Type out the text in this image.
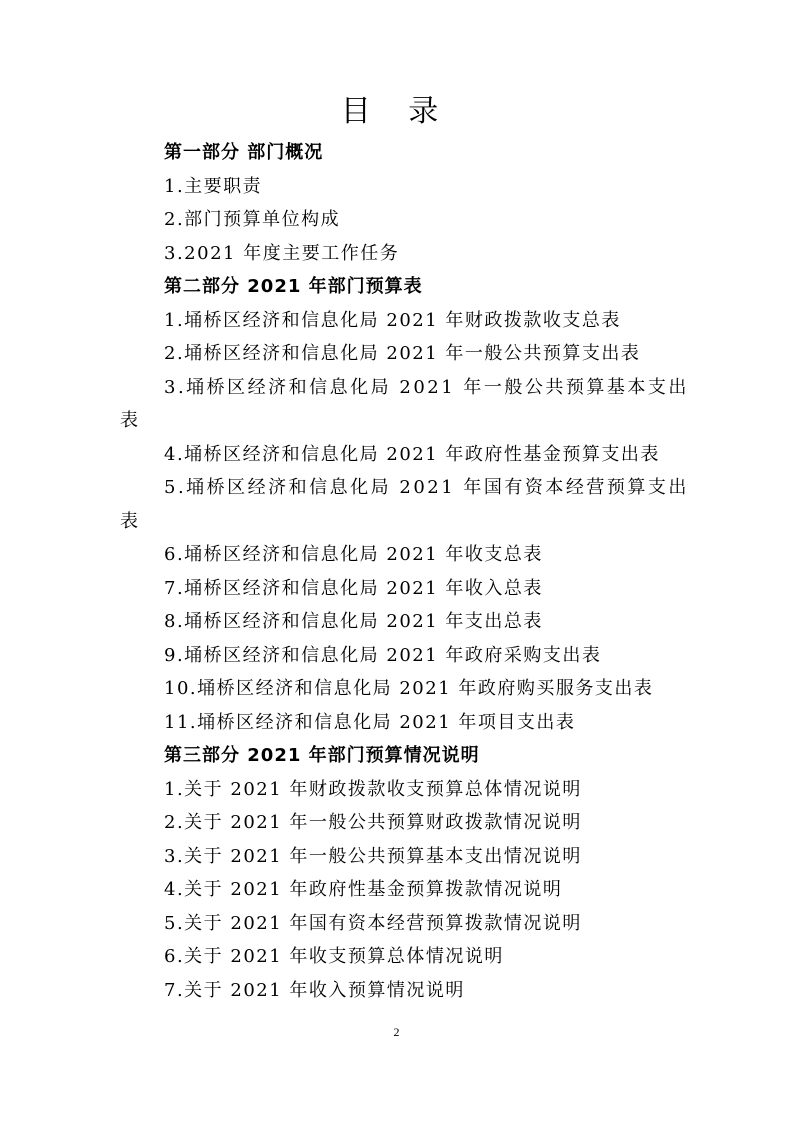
目 录
第一部分 部门概况
1.主要职责
2.部门预算单位构成
3.2021 年度主要工作任务
第二部分 2021 年部门预算表
1.埇桥区经济和信息化局 2021 年财政拨款收支总表
2.埇桥区经济和信息化局 2021 年一般公共预算支出表
3.埇桥区经济和信息化局 2021 年一般公共预算基本支出表
4.埇桥区经济和信息化局 2021 年政府性基金预算支出表
5.埇桥区经济和信息化局 2021 年国有资本经营预算支出表
6.埇桥区经济和信息化局 2021 年收支总表
7.埇桥区经济和信息化局 2021 年收入总表
8.埇桥区经济和信息化局 2021 年支出总表
9.埇桥区经济和信息化局 2021 年政府采购支出表
10.埇桥区经济和信息化局 2021 年政府购买服务支出表
11.埇桥区经济和信息化局 2021 年项目支出表
第三部分 2021 年部门预算情况说明
1.关于 2021 年财政拨款收支预算总体情况说明
2.关于 2021 年一般公共预算财政拨款情况说明
3.关于 2021 年一般公共预算基本支出情况说明
4.关于 2021 年政府性基金预算拨款情况说明
5.关于 2021 年国有资本经营预算拨款情况说明
6.关于 2021 年收支预算总体情况说明
7.关于 2021 年收入预算情况说明
2
